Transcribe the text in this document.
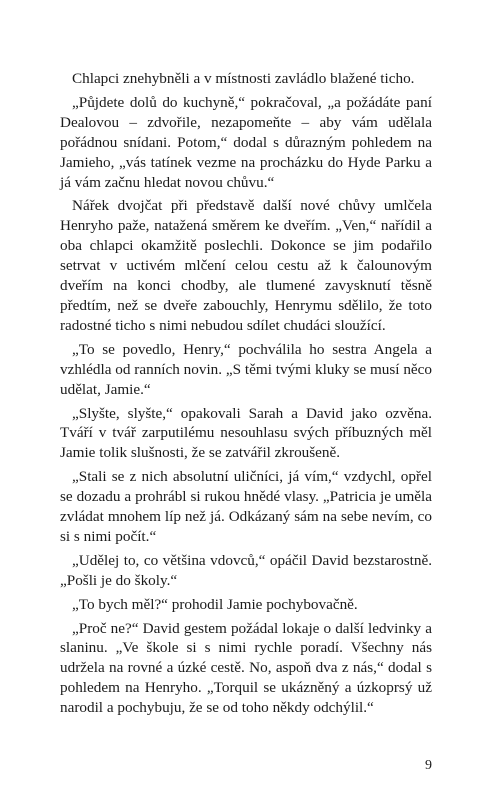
Chlapci znehybněli a v místnosti zavládlo blažené ticho.

„Půjdete dolů do kuchyně,“ pokračoval, „a požádáte paní Dealovou – zdvořile, nezapomeňte – aby vám udělala pořádnou snídani. Potom,“ dodal s důrazným pohledem na Jamieho, „vás tatínek vezme na procházku do Hyde Parku a já vám začnu hledat novou chůvu.“

Nářek dvojčat při představě další nové chůvy umlčela Henryho paže, natažená směrem ke dveřím. „Ven,“ nařídil a oba chlapci okamžitě poslechli. Dokonce se jim podařilo setrvat v uctivém mlčení celou cestu až k čalounovým dveřím na konci chodby, ale tlumené zavysknutí těsně předtím, než se dveře zabouchly, Henrymu sdělilo, že toto radostné ticho s nimi nebudou sdílet chudáci sloužící.

„To se povedlo, Henry,“ pochválila ho sestra Angela a vzhlédla od ranních novin. „S těmi tvými kluky se musí něco udělat, Jamie.“

„Slyšte, slyšte,“ opakovali Sarah a David jako ozvěna. Tváří v tvář zarputilému nesouhlasu svých příbuzných měl Jamie tolik slušnosti, že se zatvářil zkroušeně.

„Stali se z nich absolutní uličníci, já vím,“ vzdychl, opřel se dozadu a prohrábl si rukou hnědé vlasy. „Patricia je uměla zvládat mnohem líp než já. Odkázaný sám na sebe nevím, co si s nimi počít.“

„Udělej to, co většina vdovců,“ opáčil David bezstarostně. „Pošli je do školy.“

„To bych měl?“ prohodil Jamie pochybovačně.

„Proč ne?“ David gestem požádal lokaje o další ledvinky a slaninu. „Ve škole si s nimi rychle poradí. Všechny nás udržela na rovné a úzké cestě. No, aspoň dva z nás,“ dodal s pohledem na Henryho. „Torquil se ukázněný a úzkoprsý už narodil a pochybuju, že se od toho někdy odchýlil.“

9
